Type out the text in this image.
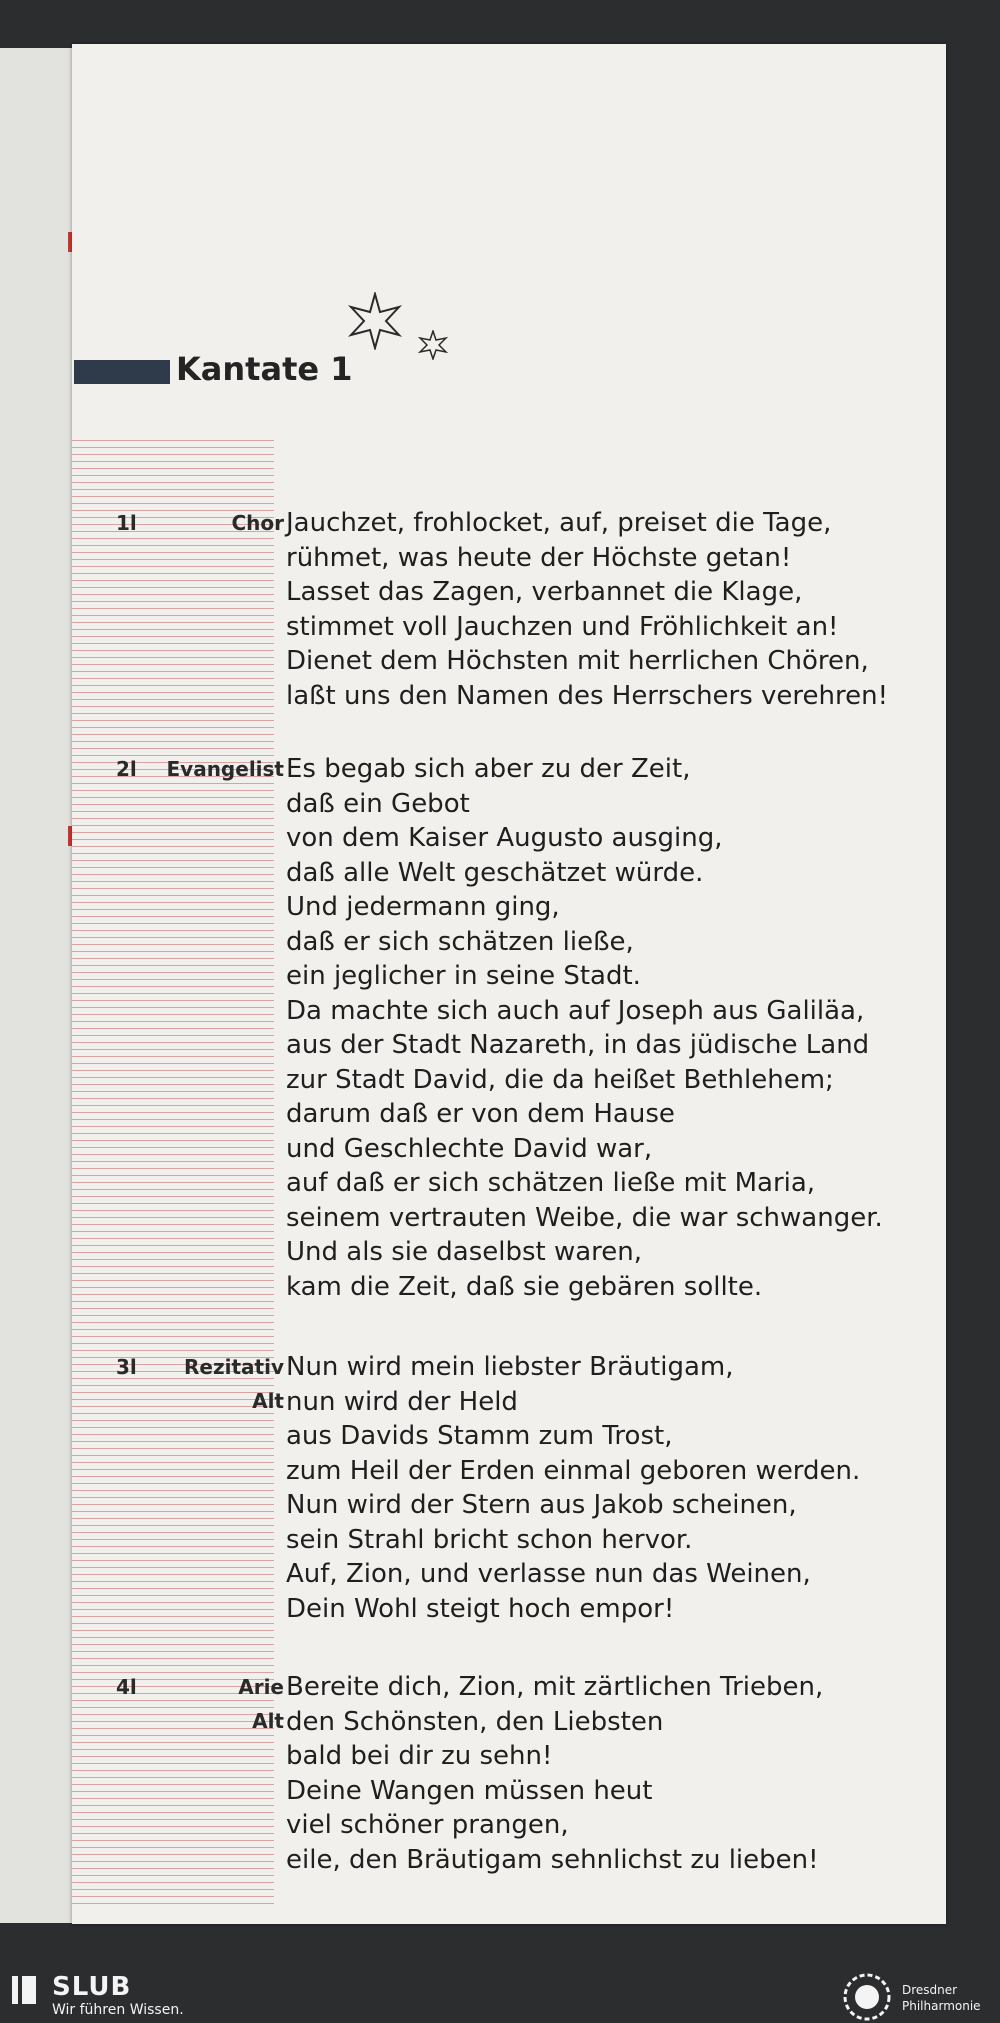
Kantate 1
1l	Chor Jauchzet, frohlocket, auf, preiset die Tage,
rühmet, was heute der Höchste getan!
Lasset das Zagen, verbannet die Klage,
stimmet voll Jauchzen und Fröhlichkeit an!
Dienet dem Höchsten mit herrlichen Chören,
laßt uns den Namen des Herrschers verehren!
2l Evangelist Es begab sich aber zu der Zeit,
daß ein Gebot
von dem Kaiser Augusto ausging,
daß alle Welt geschätzet würde.
Und jedermann ging,
daß er sich schätzen ließe,
ein jeglicher in seine Stadt.
Da machte sich auch auf Joseph aus Galiläa,
aus der Stadt Nazareth, in das jüdische Land
zur Stadt David, die da heißet Bethlehem;
darum daß er von dem Hause
und Geschlechte David war,
auf daß er sich schätzen ließe mit Maria,
seinem vertrauten Weibe, die war schwanger.
Und als sie daselbst waren,
kam die Zeit, daß sie gebären sollte.
3l Rezitativ
Alt
Nun wird mein liebster Bräutigam,
nun wird der Held
aus Davids Stamm zum Trost,
zum Heil der Erden einmal geboren werden.
Nun wird der Stern aus Jakob scheinen,
sein Strahl bricht schon hervor.
Auf, Zion, und verlasse nun das Weinen,
Dein Wohl steigt hoch empor!
4l	Arie
Alt
Bereite dich, Zion, mit zärtlichen Trieben,
den Schönsten, den Liebsten
bald bei dir zu sehn!
Deine Wangen müssen heut
viel schöner prangen,
eile, den Bräutigam sehnlichst zu lieben!
SLUB
Wir führen Wissen.
Dresdner
Philharmonie
